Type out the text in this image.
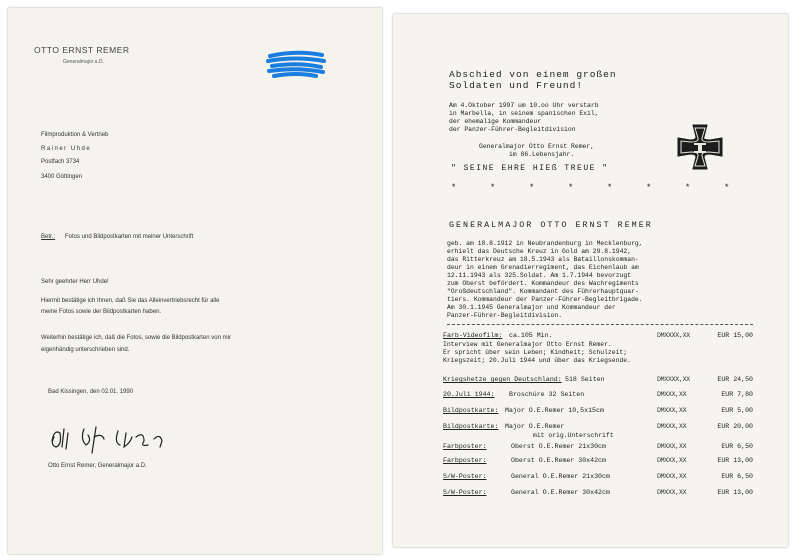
OTTO ERNST REMER
Generalmajor a.D.
Filmproduktion & Vertrieb
Rainer Uhde
Postfach 3734
3400 Göttingen
Betr.: Fotos und Bildpostkarten mit meiner Unterschrift
Sehr geehrter Herr Uhde!
Hiermit bestätige ich Ihnen, daß Sie das Alleinvertriebsrecht für alle
meine Fotos sowie der Bildpostkarten haben.
Weiterhin bestätige ich, daß die Fotos, sowie die Bildpostkarten von mir
eigenhändig unterschrieben sind.
Bad Kissingen, den 02.01. 1990
Otto Ernst Remer, Generalmajor a.D.
Abschied von einem großen
Soldaten und Freund!
Am 4.Oktober 1997 um 10.oo Uhr verstarb
in Marbella, in seinem spanischen Exil,
der ehemalige Kommandeur
der Panzer-Führer-Begleitdivision
Generalmajor Otto Ernst Remer,
im 86.Lebensjahr.
" SEINE EHRE HIEß TREUE "
*	*	*	*	*	*	*	*
GENERALMAJOR OTTO ERNST REMER
geb. am 18.8.1912 in Neubrandenburg in Mecklenburg,
erhielt das Deutsche Kreuz in Gold am 29.8.1942,
das Ritterkreuz am 18.5.1943 als Bataillonskomman-
deur in einem Grenadierregiment, das Eichenlaub am
12.11.1943 als 325.Soldat. Am 1.7.1944 bevorzugt
zum Oberst befördert. Kommandeur des Wachregiments
"Großdeutschland". Kommandant des Führerhauptquar-
tiers. Kommandeur der Panzer-Führer-Begleitbrigade.
Am 30.1.1945 Generalmajor und Kommandeur der
Panzer-Führer-Begleitdivision.
Farb-Videofilm: ca.105 Min.	DMXXXX,XX	EUR 15,00
Interview mit Generalmajor Otto Ernst Remer.
Er spricht über sein Leben; Kindheit; Schulzeit;
Kriegszeit; 20.Juli 1944 und über das Kriegsende.
Kriegshetze gegen Deutschland: 518 Seiten	DMXXXX,XX	EUR 24,50
20.Juli 1944: Broschüre 32 Seiten	DMXXX,XX	EUR 7,80
Bildpostkarte: Major O.E.Remer 10,5x15cm	DMXXX,XX	EUR 5,00
Bildpostkarte: Major O.E.Remer	DMXXX,XX	EUR 20,00
mit orig.Unterschrift
Farbposter:	Oberst O.E.Remer 21x30cm	DMXXX,XX	EUR 6,50
Farbposter:	Oberst O.E.Remer 30x42cm	DMXXX,XX	EUR 13,00
S/W-Poster:	General O.E.Remer 21x30cm	DMXXX,XX	EUR 6,50
S/W-Poster:	General O.E.Remer 30x42cm	DMXXX,XX	EUR 13,00
